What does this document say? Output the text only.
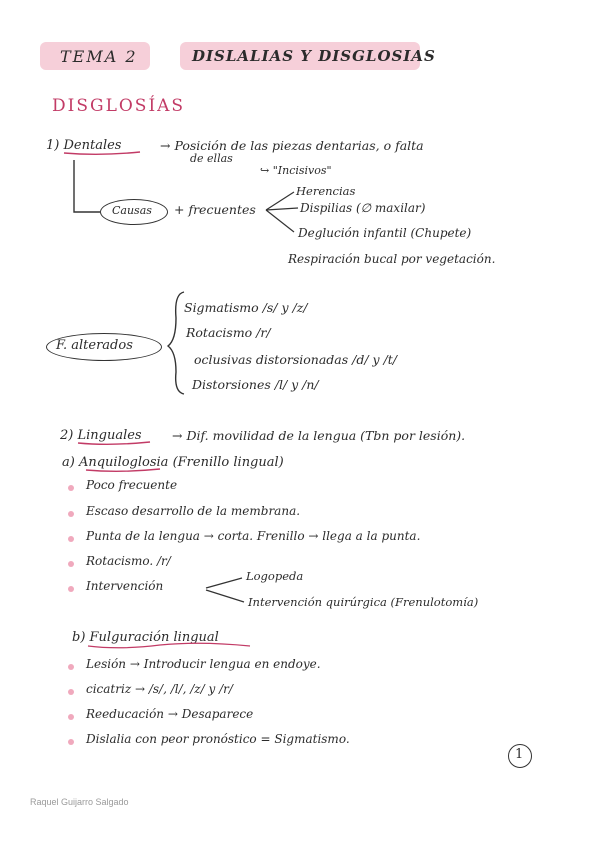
TEMA 2	DISLALIAS Y DISGLOSIAS
DISGLOSÍAS
1) Dentales	→ Posición de las piezas dentarias, o falta
de ellas
↪ "Incisivos"
Causas + frecuentes
Herencias
Dispilias (∅ maxilar)
Deglución infantil (Chupete)
Respiración bucal por vegetación.
F. alterados
Sigmatismo /s/ y /z/
Rotacismo /r/
oclusivas distorsionadas /d/ y /t/
Distorsiones /l/ y /n/
2) Linguales → Dif. movilidad de la lengua (Tbn por lesión).
a) Anquiloglosia (Frenillo lingual)
Poco frecuente
Escaso desarrollo de la membrana.
Punta de la lengua → corta. Frenillo → llega a la punta.
Rotacismo. /r/
Intervención
Logopeda
Intervención quirúrgica (Frenulotomía)
b) Fulguración lingual
Lesión → Introducir lengua en endoye.
cicatriz → /s/, /l/, /z/ y /r/
Reeducación → Desaparece
Dislalia con peor pronóstico = Sigmatismo.
1
Raquel Guijarro Salgado
